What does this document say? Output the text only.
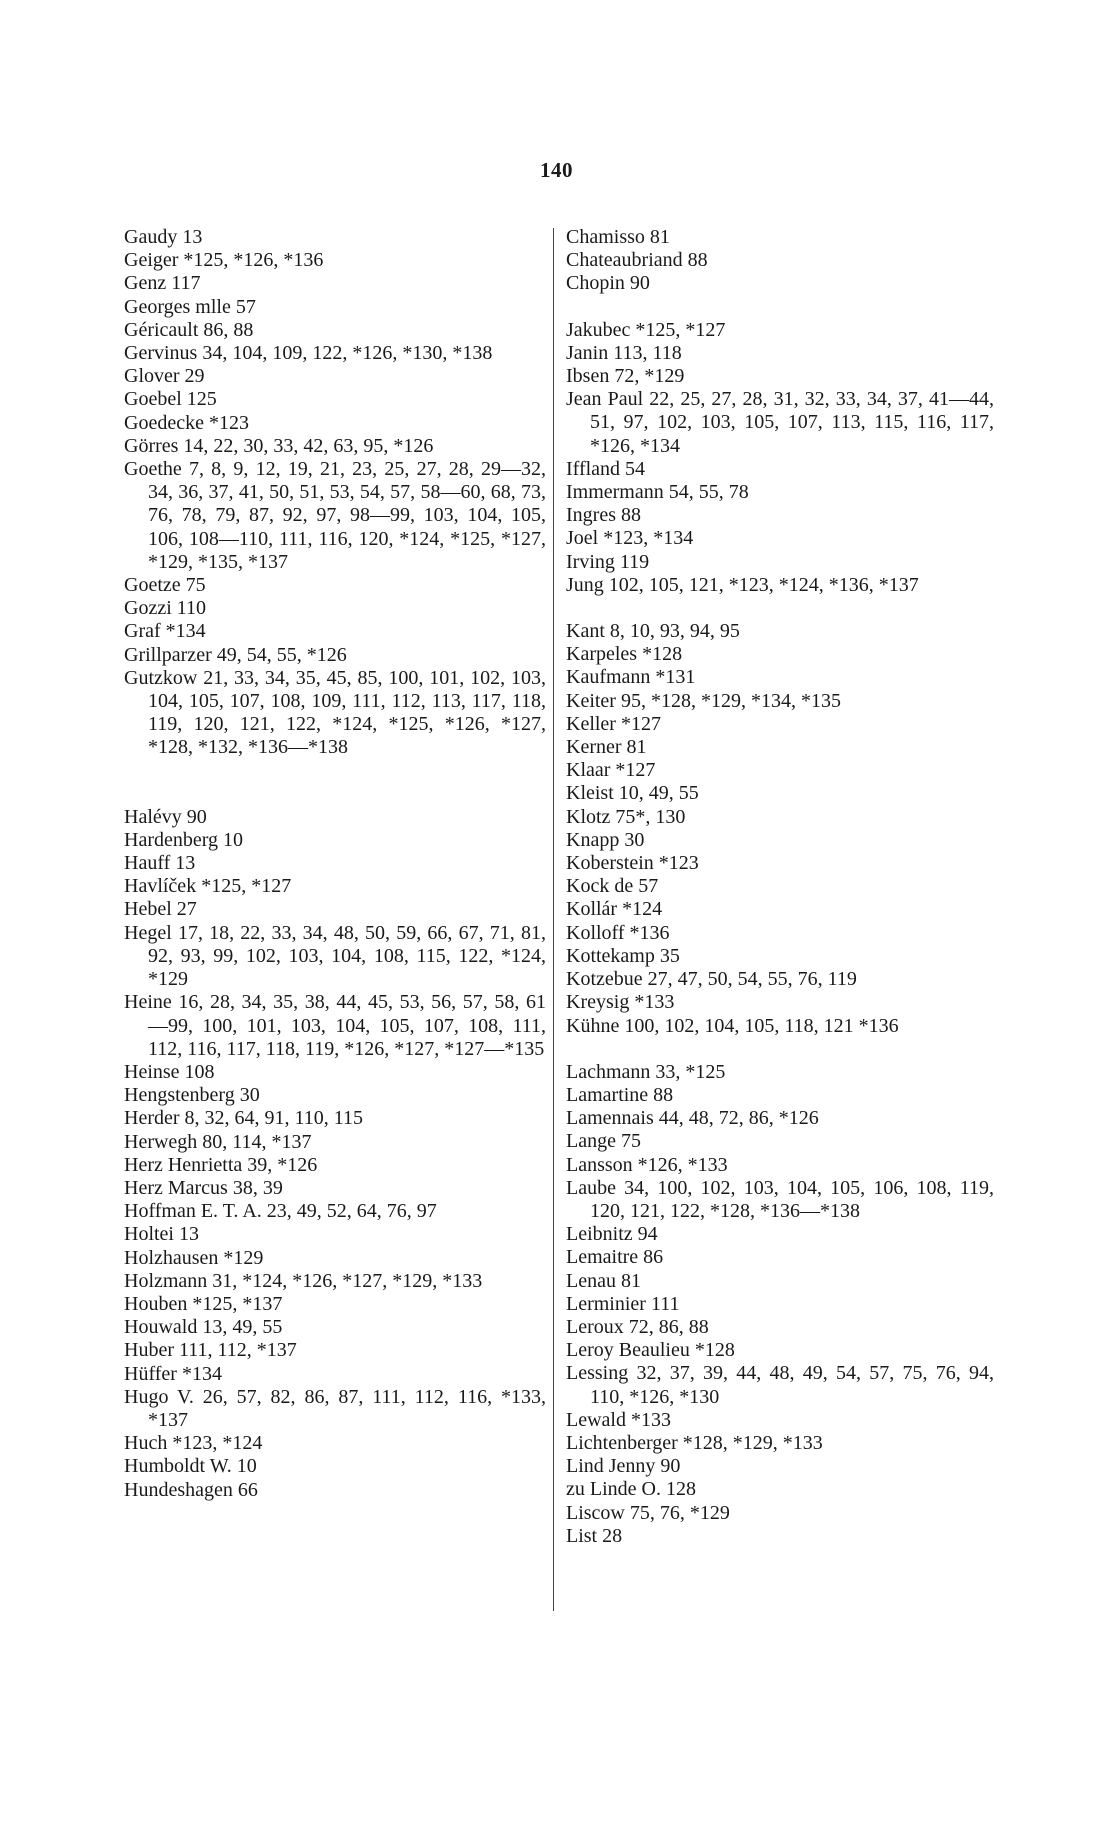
140
Gaudy 13
Geiger *125, *126, *136
Genz 117
Georges mlle 57
Géricault 86, 88
Gervinus 34, 104, 109, 122, *126, *130, *138
Glover 29
Goebel 125
Goedecke *123
Görres 14, 22, 30, 33, 42, 63, 95, *126
Goethe 7, 8, 9, 12, 19, 21, 23, 25, 27, 28, 29—32, 34, 36, 37, 41, 50, 51, 53, 54, 57, 58—60, 68, 73, 76, 78, 79, 87, 92, 97, 98—99, 103, 104, 105, 106, 108—110, 111, 116, 120, *124, *125, *127, *129, *135, *137
Goetze 75
Gozzi 110
Graf *134
Grillparzer 49, 54, 55, *126
Gutzkow 21, 33, 34, 35, 45, 85, 100, 101, 102, 103, 104, 105, 107, 108, 109, 111, 112, 113, 117, 118, 119, 120, 121, 122, *124, *125, *126, *127, *128, *132, *136—*138
Halévy 90
Hardenberg 10
Hauff 13
Havlíček *125, *127
Hebel 27
Hegel 17, 18, 22, 33, 34, 48, 50, 59, 66, 67, 71, 81, 92, 93, 99, 102, 103, 104, 108, 115, 122, *124, *129
Heine 16, 28, 34, 35, 38, 44, 45, 53, 56, 57, 58, 61—99, 100, 101, 103, 104, 105, 107, 108, 111, 112, 116, 117, 118, 119, *126, *127, *127—*135
Heinse 108
Hengstenberg 30
Herder 8, 32, 64, 91, 110, 115
Herwegh 80, 114, *137
Herz Henrietta 39, *126
Herz Marcus 38, 39
Hoffman E. T. A. 23, 49, 52, 64, 76, 97
Holtei 13
Holzhausen *129
Holzmann 31, *124, *126, *127, *129, *133
Houben *125, *137
Houwald 13, 49, 55
Huber 111, 112, *137
Hüffer *134
Hugo V. 26, 57, 82, 86, 87, 111, 112, 116, *133, *137
Huch *123, *124
Humboldt W. 10
Hundeshagen 66
Chamisso 81
Chateaubriand 88
Chopin 90
Jakubec *125, *127
Janin 113, 118
Ibsen 72, *129
Jean Paul 22, 25, 27, 28, 31, 32, 33, 34, 37, 41—44, 51, 97, 102, 103, 105, 107, 113, 115, 116, 117, *126, *134
Iffland 54
Immermann 54, 55, 78
Ingres 88
Joel *123, *134
Irving 119
Jung 102, 105, 121, *123, *124, *136, *137
Kant 8, 10, 93, 94, 95
Karpeles *128
Kaufmann *131
Keiter 95, *128, *129, *134, *135
Keller *127
Kerner 81
Klaar *127
Kleist 10, 49, 55
Klotz 75*, 130
Knapp 30
Koberstein *123
Kock de 57
Kollár *124
Kolloff *136
Kottekamp 35
Kotzebue 27, 47, 50, 54, 55, 76, 119
Kreysig *133
Kühne 100, 102, 104, 105, 118, 121 *136
Lachmann 33, *125
Lamartine 88
Lamennais 44, 48, 72, 86, *126
Lange 75
Lansson *126, *133
Laube 34, 100, 102, 103, 104, 105, 106, 108, 119, 120, 121, 122, *128, *136—*138
Leibnitz 94
Lemaitre 86
Lenau 81
Lerminier 111
Leroux 72, 86, 88
Leroy Beaulieu *128
Lessing 32, 37, 39, 44, 48, 49, 54, 57, 75, 76, 94, 110, *126, *130
Lewald *133
Lichtenberger *128, *129, *133
Lind Jenny 90
zu Linde O. 128
Liscow 75, 76, *129
List 28
